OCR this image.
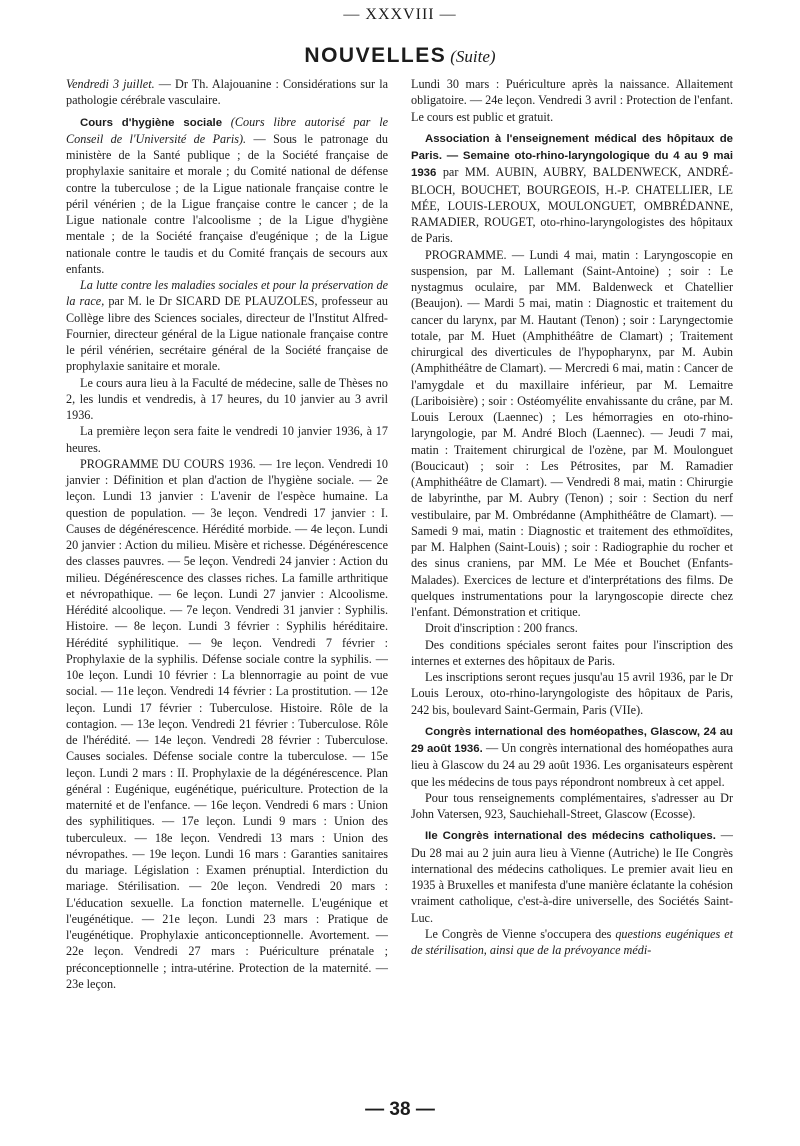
— XXXVIII —
NOUVELLES (Suite)

Vendredi 3 juillet. — Dr Th. Alajouanine : Considérations sur la pathologie cérébrale vasculaire.

Cours d'hygiène sociale (Cours libre autorisé par le Conseil de l'Université de Paris). — Sous le patronage du ministère de la Santé publique ; de la Société française de prophylaxie sanitaire et morale ; du Comité national de défense contre la tuberculose ; de la Ligue nationale française contre le péril vénérien ; de la Ligue française contre le cancer ; de la Ligue nationale contre l'alcoolisme ; de la Ligue d'hygiène mentale ; de la Société française d'eugénique ; de la Ligue nationale contre le taudis et du Comité français de secours aux enfants.

La lutte contre les maladies sociales et pour la préservation de la race, par M. le Dr SICARD DE PLAUZOLES, professeur au Collège libre des Sciences sociales, directeur de l'Institut Alfred-Fournier, directeur général de la Ligue nationale française contre le péril vénérien, secrétaire général de la Société française de prophylaxie sanitaire et morale.

Le cours aura lieu à la Faculté de médecine, salle de Thèses no 2, les lundis et vendredis, à 17 heures, du 10 janvier au 3 avril 1936.

La première leçon sera faite le vendredi 10 janvier 1936, à 17 heures.

PROGRAMME DU COURS 1936. — 1re leçon. Vendredi 10 janvier : Définition et plan d'action de l'hygiène sociale. — 2e leçon. Lundi 13 janvier : L'avenir de l'espèce humaine. La question de population. — 3e leçon. Vendredi 17 janvier : I. Causes de dégénérescence. Hérédité morbide. — 4e leçon. Lundi 20 janvier : Action du milieu. Misère et richesse. Dégénérescence des classes pauvres. — 5e leçon. Vendredi 24 janvier : Action du milieu. Dégénérescence des classes riches. La famille arthritique et névropathique. — 6e leçon. Lundi 27 janvier : Alcoolisme. Hérédité alcoolique. — 7e leçon. Vendredi 31 janvier : Syphilis. Histoire. — 8e leçon. Lundi 3 février : Syphilis héréditaire. Hérédité syphilitique. — 9e leçon. Vendredi 7 février : Prophylaxie de la syphilis. Défense sociale contre la syphilis. — 10e leçon. Lundi 10 février : La blennorragie au point de vue social. — 11e leçon. Vendredi 14 février : La prostitution. — 12e leçon. Lundi 17 février : Tuberculose. Histoire. Rôle de la contagion. — 13e leçon. Vendredi 21 février : Tuberculose. Rôle de l'hérédité. — 14e leçon. Vendredi 28 février : Tuberculose. Causes sociales. Défense sociale contre la tuberculose. — 15e leçon. Lundi 2 mars : II. Prophylaxie de la dégénérescence. Plan général : Eugénique, eugénétique, puériculture. Protection de la maternité et de l'enfance. — 16e leçon. Vendredi 6 mars : Union des syphilitiques. — 17e leçon. Lundi 9 mars : Union des tuberculeux. — 18e leçon. Vendredi 13 mars : Union des névropathes. — 19e leçon. Lundi 16 mars : Garanties sanitaires du mariage. Législation : Examen prénuptial. Interdiction du mariage. Stérilisation. — 20e leçon. Vendredi 20 mars : L'éducation sexuelle. La fonction maternelle. L'eugénique et l'eugénétique. — 21e leçon. Lundi 23 mars : Pratique de l'eugénétique. Prophylaxie anticonceptionnelle. Avortement. — 22e leçon. Vendredi 27 mars : Puériculture prénatale ; préconceptionnelle ; intra-utérine. Protection de la maternité. — 23e leçon.

Lundi 30 mars : Puériculture après la naissance. Allaitement obligatoire. — 24e leçon. Vendredi 3 avril : Protection de l'enfant. Le cours est public et gratuit.

Association à l'enseignement médical des hôpitaux de Paris. — Semaine oto-rhino-laryngologique du 4 au 9 mai 1936 par MM. AUBIN, AUBRY, BALDENWECK, ANDRÉ-BLOCH, BOUCHET, BOURGEOIS, H.-P. CHATELLIER, LE MÉE, LOUIS-LEROUX, MOULONGUET, OMBRÉDANNE, RAMADIER, ROUGET, oto-rhino-laryngologistes des hôpitaux de Paris.

PROGRAMME. — Lundi 4 mai, matin : Laryngoscopie en suspension, par M. Lallemant (Saint-Antoine) ; soir : Le nystagmus oculaire, par MM. Baldenweck et Chatellier (Beaujon). — Mardi 5 mai, matin : Diagnostic et traitement du cancer du larynx, par M. Hautant (Tenon) ; soir : Laryngectomie totale, par M. Huet (Amphithéâtre de Clamart) ; Traitement chirurgical des diverticules de l'hypopharynx, par M. Aubin (Amphithéâtre de Clamart). — Mercredi 6 mai, matin : Cancer de l'amygdale et du maxillaire inférieur, par M. Lemaitre (Lariboisière) ; soir : Ostéomyélite envahissante du crâne, par M. Louis Leroux (Laennec) ; Les hémorragies en oto-rhino-laryngologie, par M. André Bloch (Laennec). — Jeudi 7 mai, matin : Traitement chirurgical de l'ozène, par M. Moulonguet (Boucicaut) ; soir : Les Pétrosites, par M. Ramadier (Amphithéâtre de Clamart). — Vendredi 8 mai, matin : Chirurgie de labyrinthe, par M. Aubry (Tenon) ; soir : Section du nerf vestibulaire, par M. Ombrédanne (Amphithéâtre de Clamart). — Samedi 9 mai, matin : Diagnostic et traitement des ethmoïdites, par M. Halphen (Saint-Louis) ; soir : Radiographie du rocher et des sinus craniens, par MM. Le Mée et Bouchet (Enfants-Malades). Exercices de lecture et d'interprétations des films. De quelques instrumentations pour la laryngoscopie directe chez l'enfant. Démonstration et critique.

Droit d'inscription : 200 francs.

Des conditions spéciales seront faites pour l'inscription des internes et externes des hôpitaux de Paris.

Les inscriptions seront reçues jusqu'au 15 avril 1936, par le Dr Louis Leroux, oto-rhino-laryngologiste des hôpitaux de Paris, 242 bis, boulevard Saint-Germain, Paris (VIIe).

Congrès international des homéopathes, Glascow, 24 au 29 août 1936. — Un congrès international des homéopathes aura lieu à Glascow du 24 au 29 août 1936. Les organisateurs espèrent que les médecins de tous pays répondront nombreux à cet appel.

Pour tous renseignements complémentaires, s'adresser au Dr John Vatersen, 923, Sauchiehall-Street, Glascow (Ecosse).

IIe Congrès international des médecins catholiques. — Du 28 mai au 2 juin aura lieu à Vienne (Autriche) le IIe Congrès international des médecins catholiques. Le premier avait lieu en 1935 à Bruxelles et manifesta d'une manière éclatante la cohésion vraiment catholique, c'est-à-dire universelle, des Sociétés Saint-Luc.

Le Congrès de Vienne s'occupera des questions eugéniques et de stérilisation, ainsi que de la prévoyance médi-

— 38 —
